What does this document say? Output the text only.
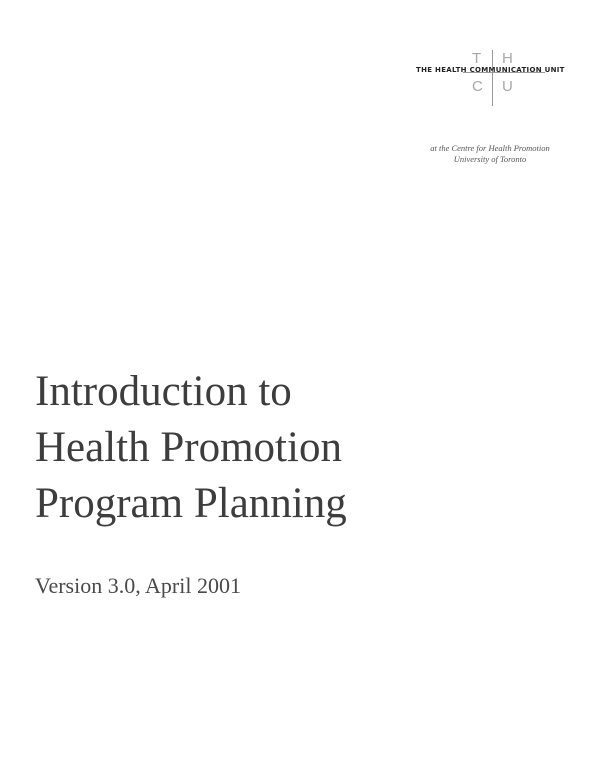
T H
C U
THE HEALTH COMMUNICATION UNIT
at the Centre for Health Promotion
University of Toronto
Introduction to
Health Promotion
Program Planning

Version 3.0, April 2001
